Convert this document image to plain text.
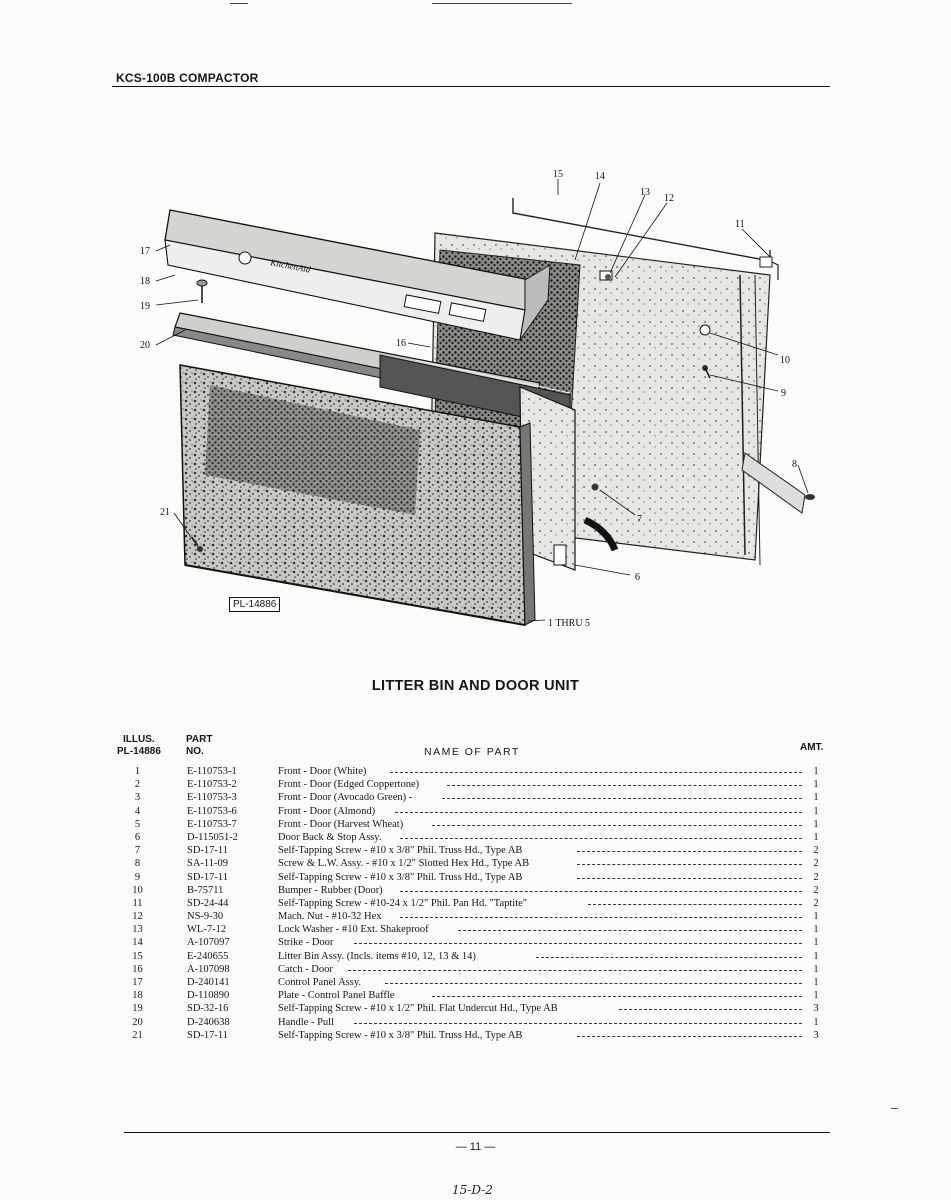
KCS-100B COMPACTOR
KitchenAid
15	14
13
12
11
17
18
19
20	16
10
9
8
7
21
6
1 THRU 5
PL-14886
LITTER BIN AND DOOR UNIT
ILLUS.
PL-14886
PART
NO.	NAME OF PART	AMT.
1	E-110753-1	Front - Door (White)	1
2	E-110753-2	Front - Door (Edged Coppertone)	1
3	E-110753-3	Front - Door (Avocado Green) -	1
4	E-110753-6	Front - Door (Almond)	1
5	E-110753-7	Front - Door (Harvest Wheat)	1
6	D-115051-2	Door Back & Stop Assy.	1
7	SD-17-11	Self-Tapping Screw - #10 x 3/8" Phil. Truss Hd., Type AB	2
8	SA-11-09	Screw & L.W. Assy. - #10 x 1/2" Slotted Hex Hd., Type AB	2
9	SD-17-11	Self-Tapping Screw - #10 x 3/8" Phil. Truss Hd., Type AB	2
10	B-75711	Bumper - Rubber (Door)	2
11	SD-24-44	Self-Tapping Screw - #10-24 x 1/2" Phil. Pan Hd. "Taptite"	2
12	NS-9-30	Mach. Nut - #10-32 Hex	1
13	WL-7-12	Lock Washer - #10 Ext. Shakeproof	1
14	A-107097	Strike - Door	1
15	E-240655	Litter Bin Assy. (Incls. items #10, 12, 13 & 14)	1
16	A-107098	Catch - Door	1
17	D-240141	Control Panel Assy.	1
18	D-110890	Plate - Control Panel Baffle	1
19	SD-32-16	Self-Tapping Screw - #10 x 1/2" Phil. Flat Undercut Hd., Type AB	3
20	D-240638	Handle - Pull	1
21	SD-17-11	Self-Tapping Screw - #10 x 3/8" Phil. Truss Hd., Type AB	3
— 11 —
15-D-2
